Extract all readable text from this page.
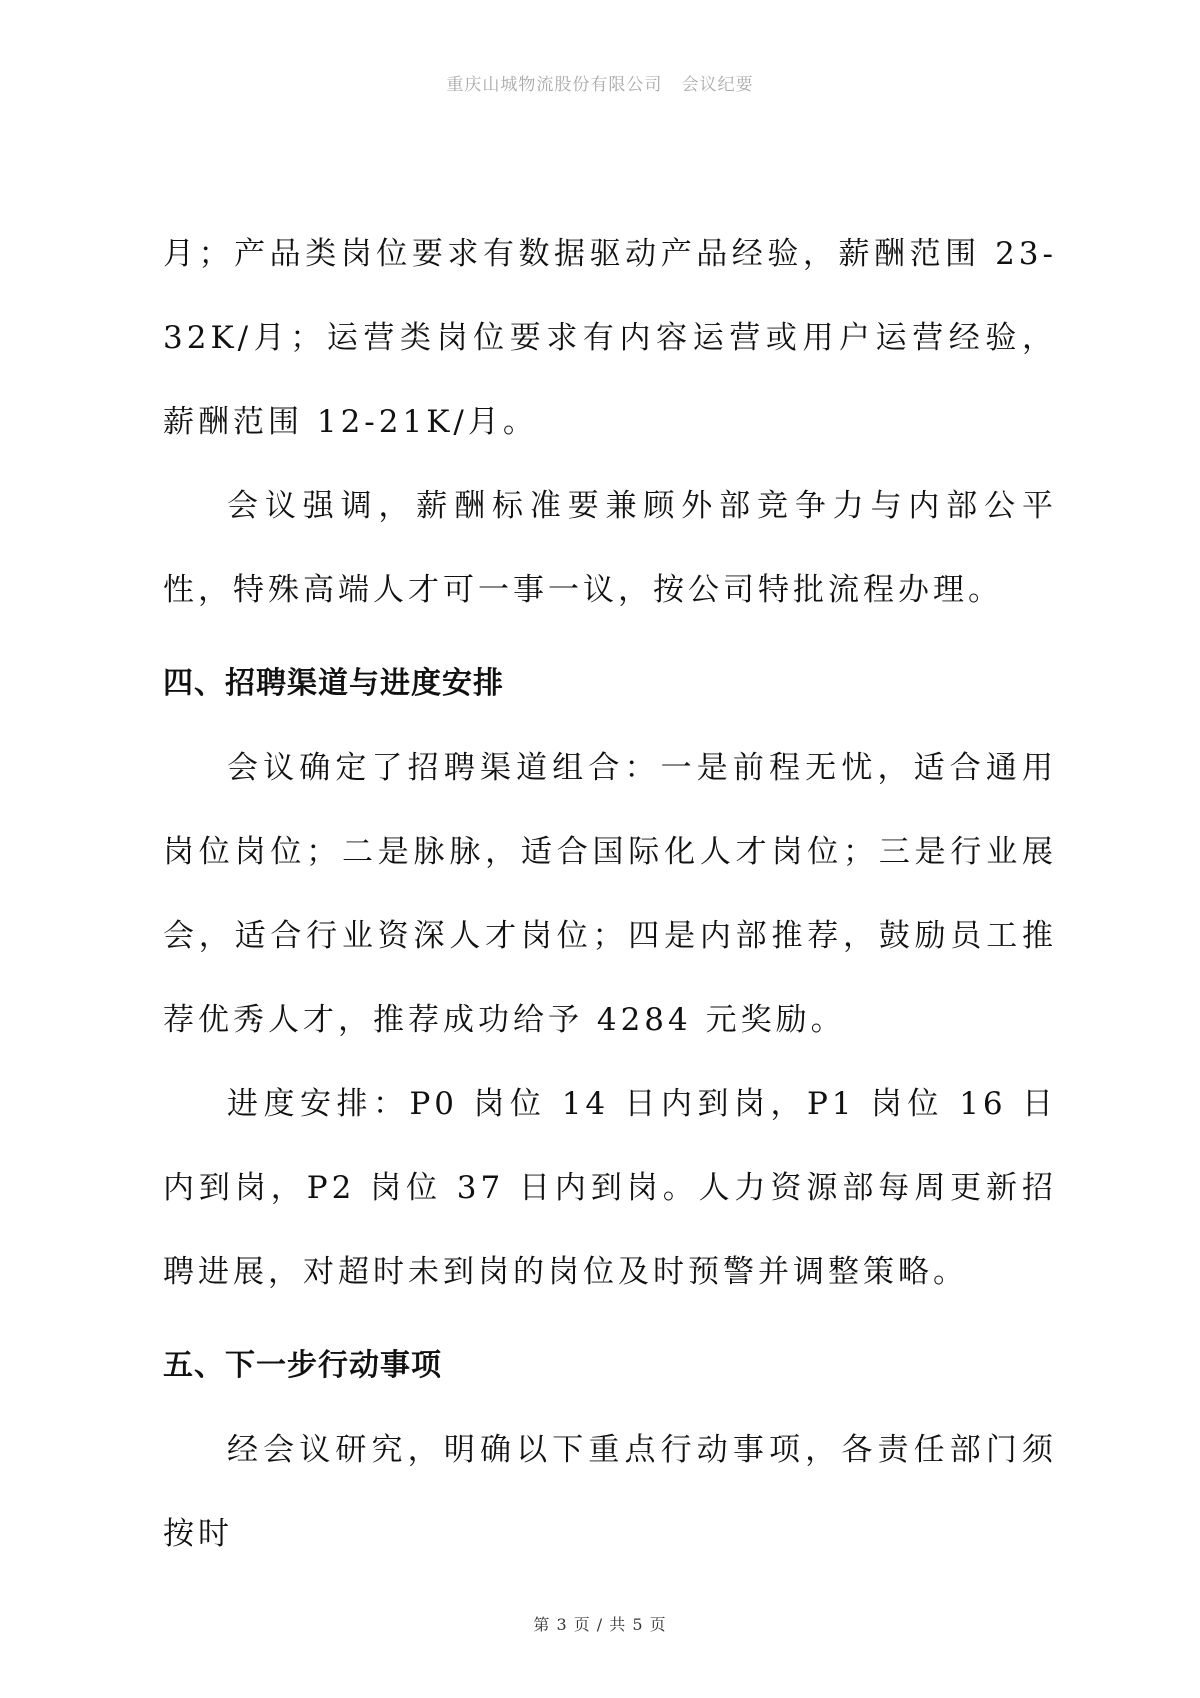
重庆山城物流股份有限公司 会议纪要

月；产品类岗位要求有数据驱动产品经验，薪酬范围 23-32K/月；运营类岗位要求有内容运营或用户运营经验，薪酬范围 12-21K/月。

会议强调，薪酬标准要兼顾外部竞争力与内部公平性，特殊高端人才可一事一议，按公司特批流程办理。

四、招聘渠道与进度安排

会议确定了招聘渠道组合：一是前程无忧，适合通用岗位岗位；二是脉脉，适合国际化人才岗位；三是行业展会，适合行业资深人才岗位；四是内部推荐，鼓励员工推荐优秀人才，推荐成功给予 4284 元奖励。

进度安排：P0 岗位 14 日内到岗，P1 岗位 16 日内到岗，P2 岗位 37 日内到岗。人力资源部每周更新招聘进展，对超时未到岗的岗位及时预警并调整策略。

五、下一步行动事项

经会议研究，明确以下重点行动事项，各责任部门须按时

第 3 页 / 共 5 页
